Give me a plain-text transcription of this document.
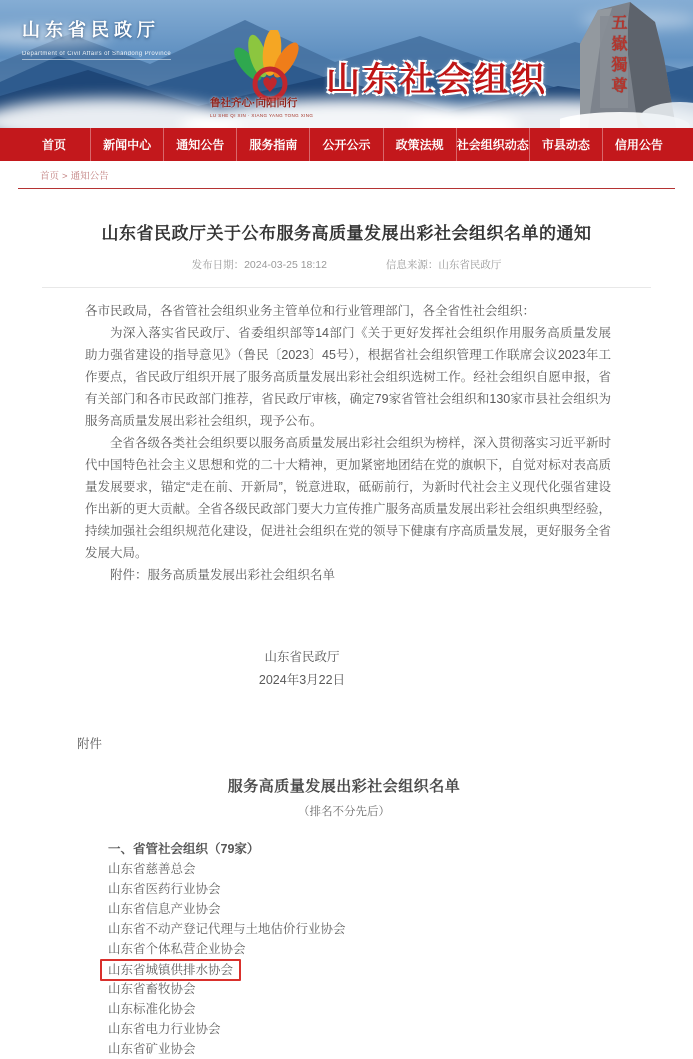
山东省民政厅
Department of Civil Affairs of Shandong Province
鲁社齐心·向阳同行
LU SHE QI XIN · XIANG YANG TONG XING
山东社会组织	五嶽獨尊
首页	新闻中心	通知公告	服务指南	公开公示	政策法规	社会组织动态	市县动态	信用公告
首页 > 通知公告
山东省民政厅关于公布服务高质量发展出彩社会组织名单的通知
发布日期：2024-03-25 18:12	信息来源：山东省民政厅

各市民政局，各省管社会组织业务主管单位和行业管理部门，各全省性社会组织：

为深入落实省民政厅、省委组织部等14部门《关于更好发挥社会组织作用服务高质量发展助力强省建设的指导意见》（鲁民〔2023〕45号），根据省社会组织管理工作联席会议2023年工作要点，省民政厅组织开展了服务高质量发展出彩社会组织选树工作。经社会组织自愿申报，省有关部门和各市民政部门推荐，省民政厅审核，确定79家省管社会组织和130家市县社会组织为服务高质量发展出彩社会组织，现予公布。

全省各级各类社会组织要以服务高质量发展出彩社会组织为榜样，深入贯彻落实习近平新时代中国特色社会主义思想和党的二十大精神，更加紧密地团结在党的旗帜下，自觉对标对表高质量发展要求，锚定“走在前、开新局”，锐意进取，砥砺前行，为新时代社会主义现代化强省建设作出新的更大贡献。全省各级民政部门要大力宣传推广服务高质量发展出彩社会组织典型经验，持续加强社会组织规范化建设，促进社会组织在党的领导下健康有序高质量发展，更好服务全省发展大局。

附件：服务高质量发展出彩社会组织名单

山东省民政厅
2024年3月22日
附件
服务高质量发展出彩社会组织名单
（排名不分先后）
一、省管社会组织（79家）
山东省慈善总会
山东省医药行业协会
山东省信息产业协会
山东省不动产登记代理与土地估价行业协会
山东省个体私营企业协会
山东省城镇供排水协会
山东省畜牧协会
山东标准化协会
山东省电力行业协会
山东省矿业协会
